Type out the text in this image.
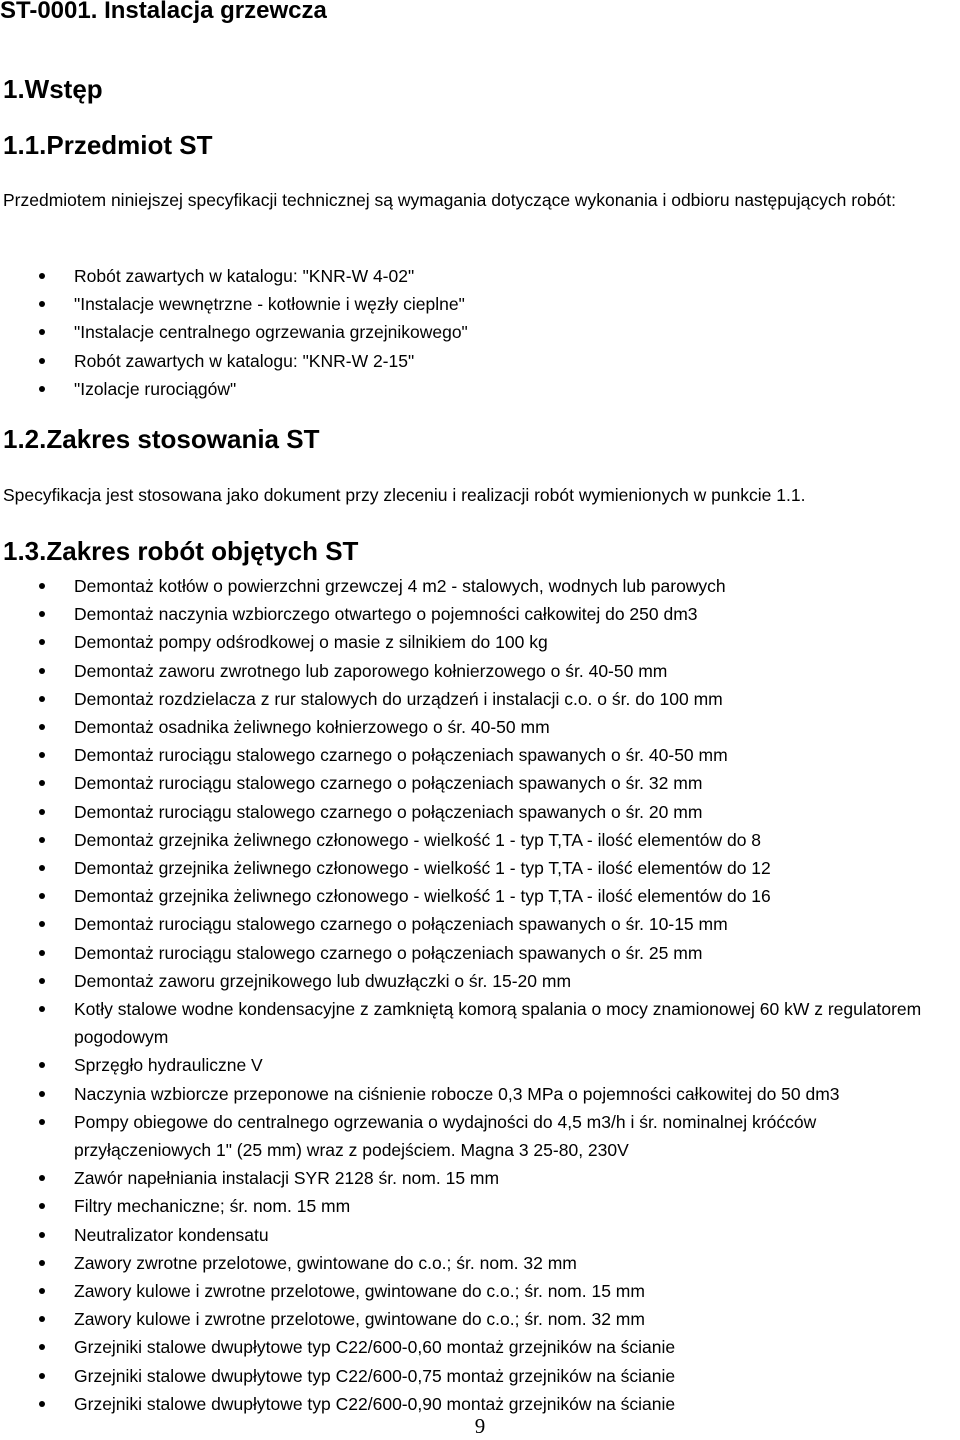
ST-0001. Instalacja grzewcza
1.Wstęp
1.1.Przedmiot ST

Przedmiotem niniejszej specyfikacji technicznej są wymagania dotyczące wykonania i odbioru następujących robót:

Robót zawartych w katalogu: "KNR-W 4-02"
"Instalacje wewnętrzne - kotłownie i węzły cieplne"
"Instalacje centralnego ogrzewania grzejnikowego"
Robót zawartych w katalogu: "KNR-W 2-15"
"Izolacje rurociągów"
1.2.Zakres stosowania ST

Specyfikacja jest stosowana jako dokument przy zleceniu i realizacji robót wymienionych w punkcie 1.1.

1.3.Zakres robót objętych ST
Demontaż kotłów o powierzchni grzewczej 4 m2 - stalowych, wodnych lub parowych
Demontaż naczynia wzbiorczego otwartego o pojemności całkowitej do 250 dm3
Demontaż pompy odśrodkowej o masie z silnikiem do 100 kg
Demontaż zaworu zwrotnego lub zaporowego kołnierzowego o śr. 40-50 mm
Demontaż rozdzielacza z rur stalowych do urządzeń i instalacji c.o. o śr. do 100 mm
Demontaż osadnika żeliwnego kołnierzowego o śr. 40-50 mm
Demontaż rurociągu stalowego czarnego o połączeniach spawanych o śr. 40-50 mm
Demontaż rurociągu stalowego czarnego o połączeniach spawanych o śr. 32 mm
Demontaż rurociągu stalowego czarnego o połączeniach spawanych o śr. 20 mm
Demontaż grzejnika żeliwnego członowego - wielkość 1 - typ T,TA - ilość elementów do 8
Demontaż grzejnika żeliwnego członowego - wielkość 1 - typ T,TA - ilość elementów do 12
Demontaż grzejnika żeliwnego członowego - wielkość 1 - typ T,TA - ilość elementów do 16
Demontaż rurociągu stalowego czarnego o połączeniach spawanych o śr. 10-15 mm
Demontaż rurociągu stalowego czarnego o połączeniach spawanych o śr. 25 mm
Demontaż zaworu grzejnikowego lub dwuzłączki o śr. 15-20 mm
Kotły stalowe wodne kondensacyjne z zamkniętą komorą spalania o mocy znamionowej 60 kW z regulatorem pogodowym
Sprzęgło hydrauliczne V
Naczynia wzbiorcze przeponowe na ciśnienie robocze 0,3 MPa o pojemności całkowitej do 50 dm3
Pompy obiegowe do centralnego ogrzewania o wydajności do 4,5 m3/h i śr. nominalnej króćców przyłączeniowych 1" (25 mm) wraz z podejściem. Magna 3 25-80, 230V
Zawór napełniania instalacji SYR 2128 śr. nom. 15 mm
Filtry mechaniczne; śr. nom. 15 mm
Neutralizator kondensatu
Zawory zwrotne przelotowe, gwintowane do c.o.; śr. nom. 32 mm
Zawory kulowe i zwrotne przelotowe, gwintowane do c.o.; śr. nom. 15 mm
Zawory kulowe i zwrotne przelotowe, gwintowane do c.o.; śr. nom. 32 mm
Grzejniki stalowe dwupłytowe typ C22/600-0,60 montaż grzejników na ścianie
Grzejniki stalowe dwupłytowe typ C22/600-0,75 montaż grzejników na ścianie
Grzejniki stalowe dwupłytowe typ C22/600-0,90 montaż grzejników na ścianie
9
